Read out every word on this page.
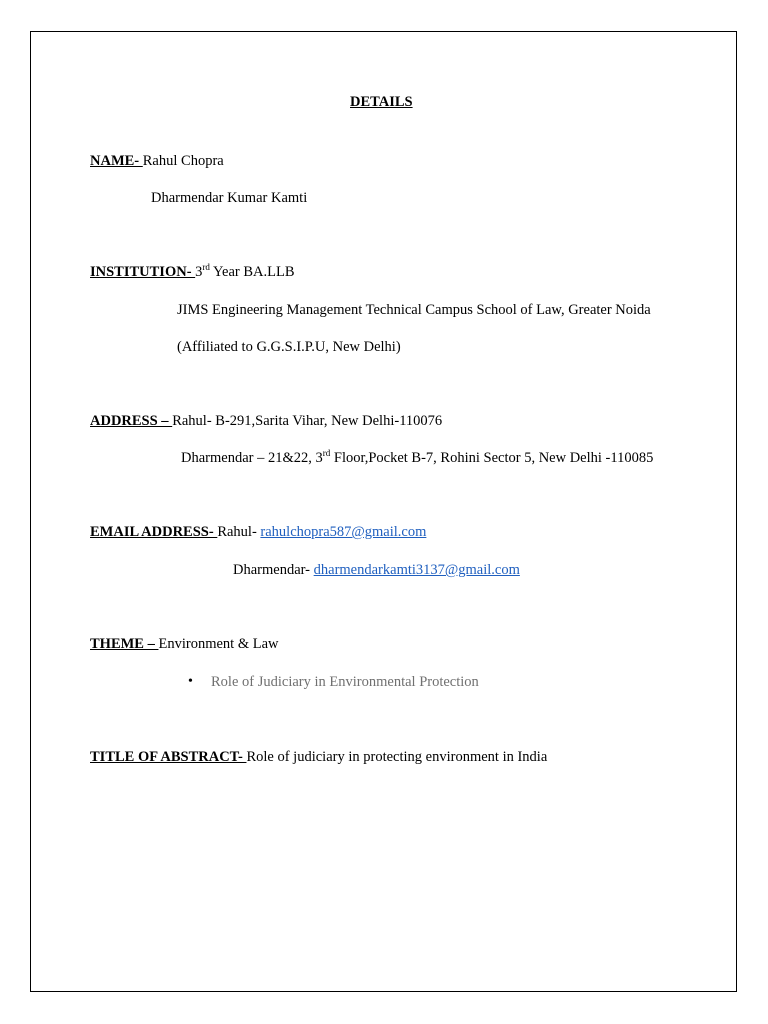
DETAILS
NAME- Rahul Chopra
Dharmendar Kumar Kamti
INSTITUTION- 3rd Year BA.LLB
JIMS Engineering Management Technical Campus School of Law, Greater Noida
(Affiliated to G.G.S.I.P.U, New Delhi)
ADDRESS – Rahul- B-291,Sarita Vihar, New Delhi-110076
Dharmendar – 21&22, 3rd Floor,Pocket B-7, Rohini Sector 5, New Delhi -110085
EMAIL ADDRESS- Rahul- rahulchopra587@gmail.com
Dharmendar- dharmendarkamti3137@gmail.com
THEME – Environment & Law
• Role of Judiciary in Environmental Protection
TITLE OF ABSTRACT- Role of judiciary in protecting environment in India
